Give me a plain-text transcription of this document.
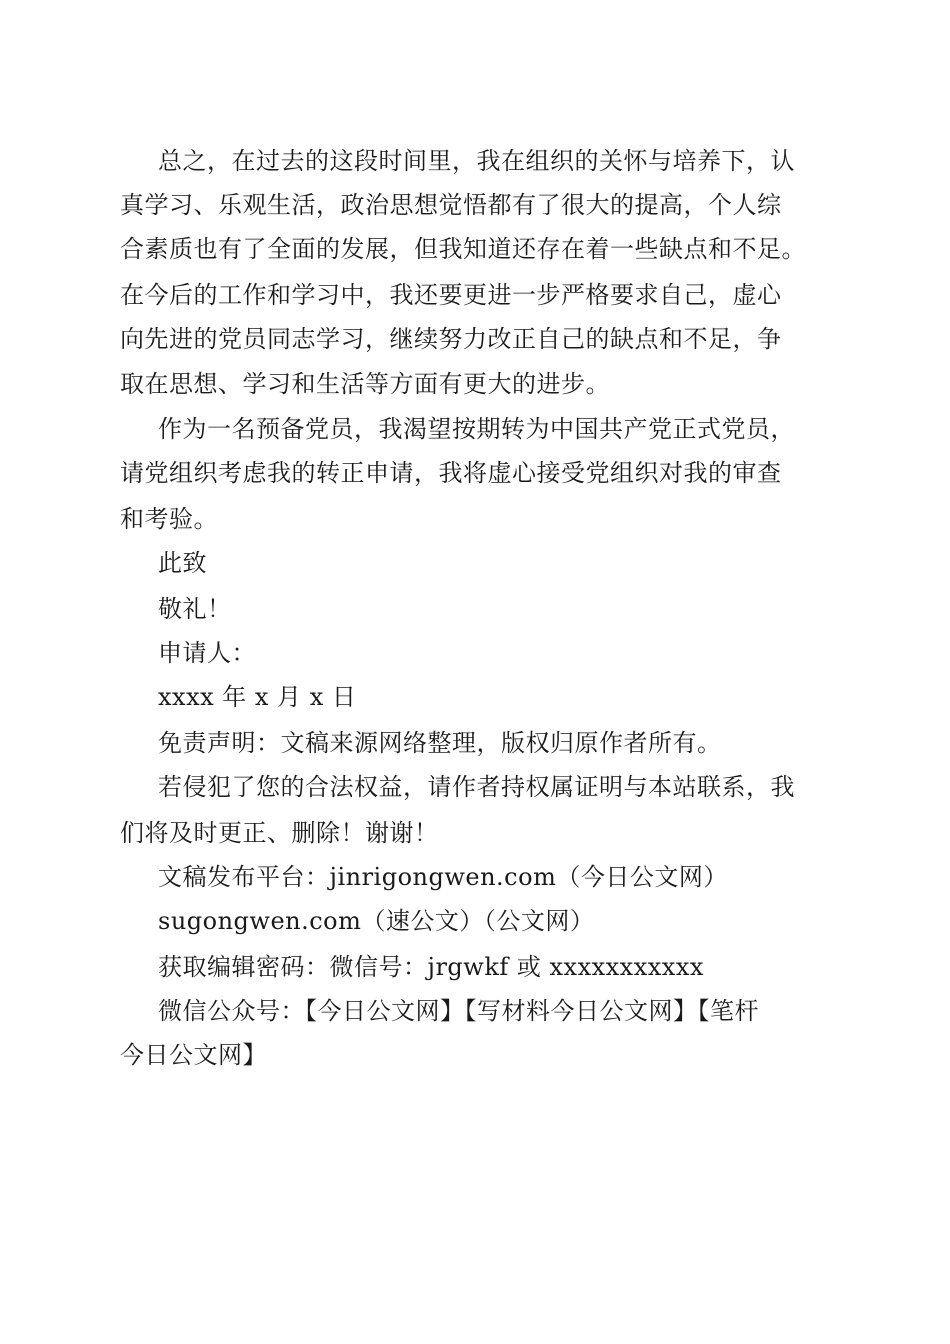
总之，在过去的这段时间里，我在组织的关怀与培养下，认
真学习、乐观生活，政治思想觉悟都有了很大的提高，个人综
合素质也有了全面的发展，但我知道还存在着一些缺点和不足。
在今后的工作和学习中，我还要更进一步严格要求自己，虚心
向先进的党员同志学习，继续努力改正自己的缺点和不足，争
取在思想、学习和生活等方面有更大的进步。
作为一名预备党员，我渴望按期转为中国共产党正式党员，
请党组织考虑我的转正申请，我将虚心接受党组织对我的审查
和考验。
此致
敬礼！
申请人：
xxxx 年 x 月 x 日
免责声明：文稿来源网络整理，版权归原作者所有。
若侵犯了您的合法权益，请作者持权属证明与本站联系，我
们将及时更正、删除！谢谢！
文稿发布平台：jinrigongwen.com（今日公文网）
sugongwen.com（速公文）（公文网）
获取编辑密码：微信号：jrgwkf 或 xxxxxxxxxxx
微信公众号：【今日公文网】【写材料今日公文网】【笔杆
今日公文网】
